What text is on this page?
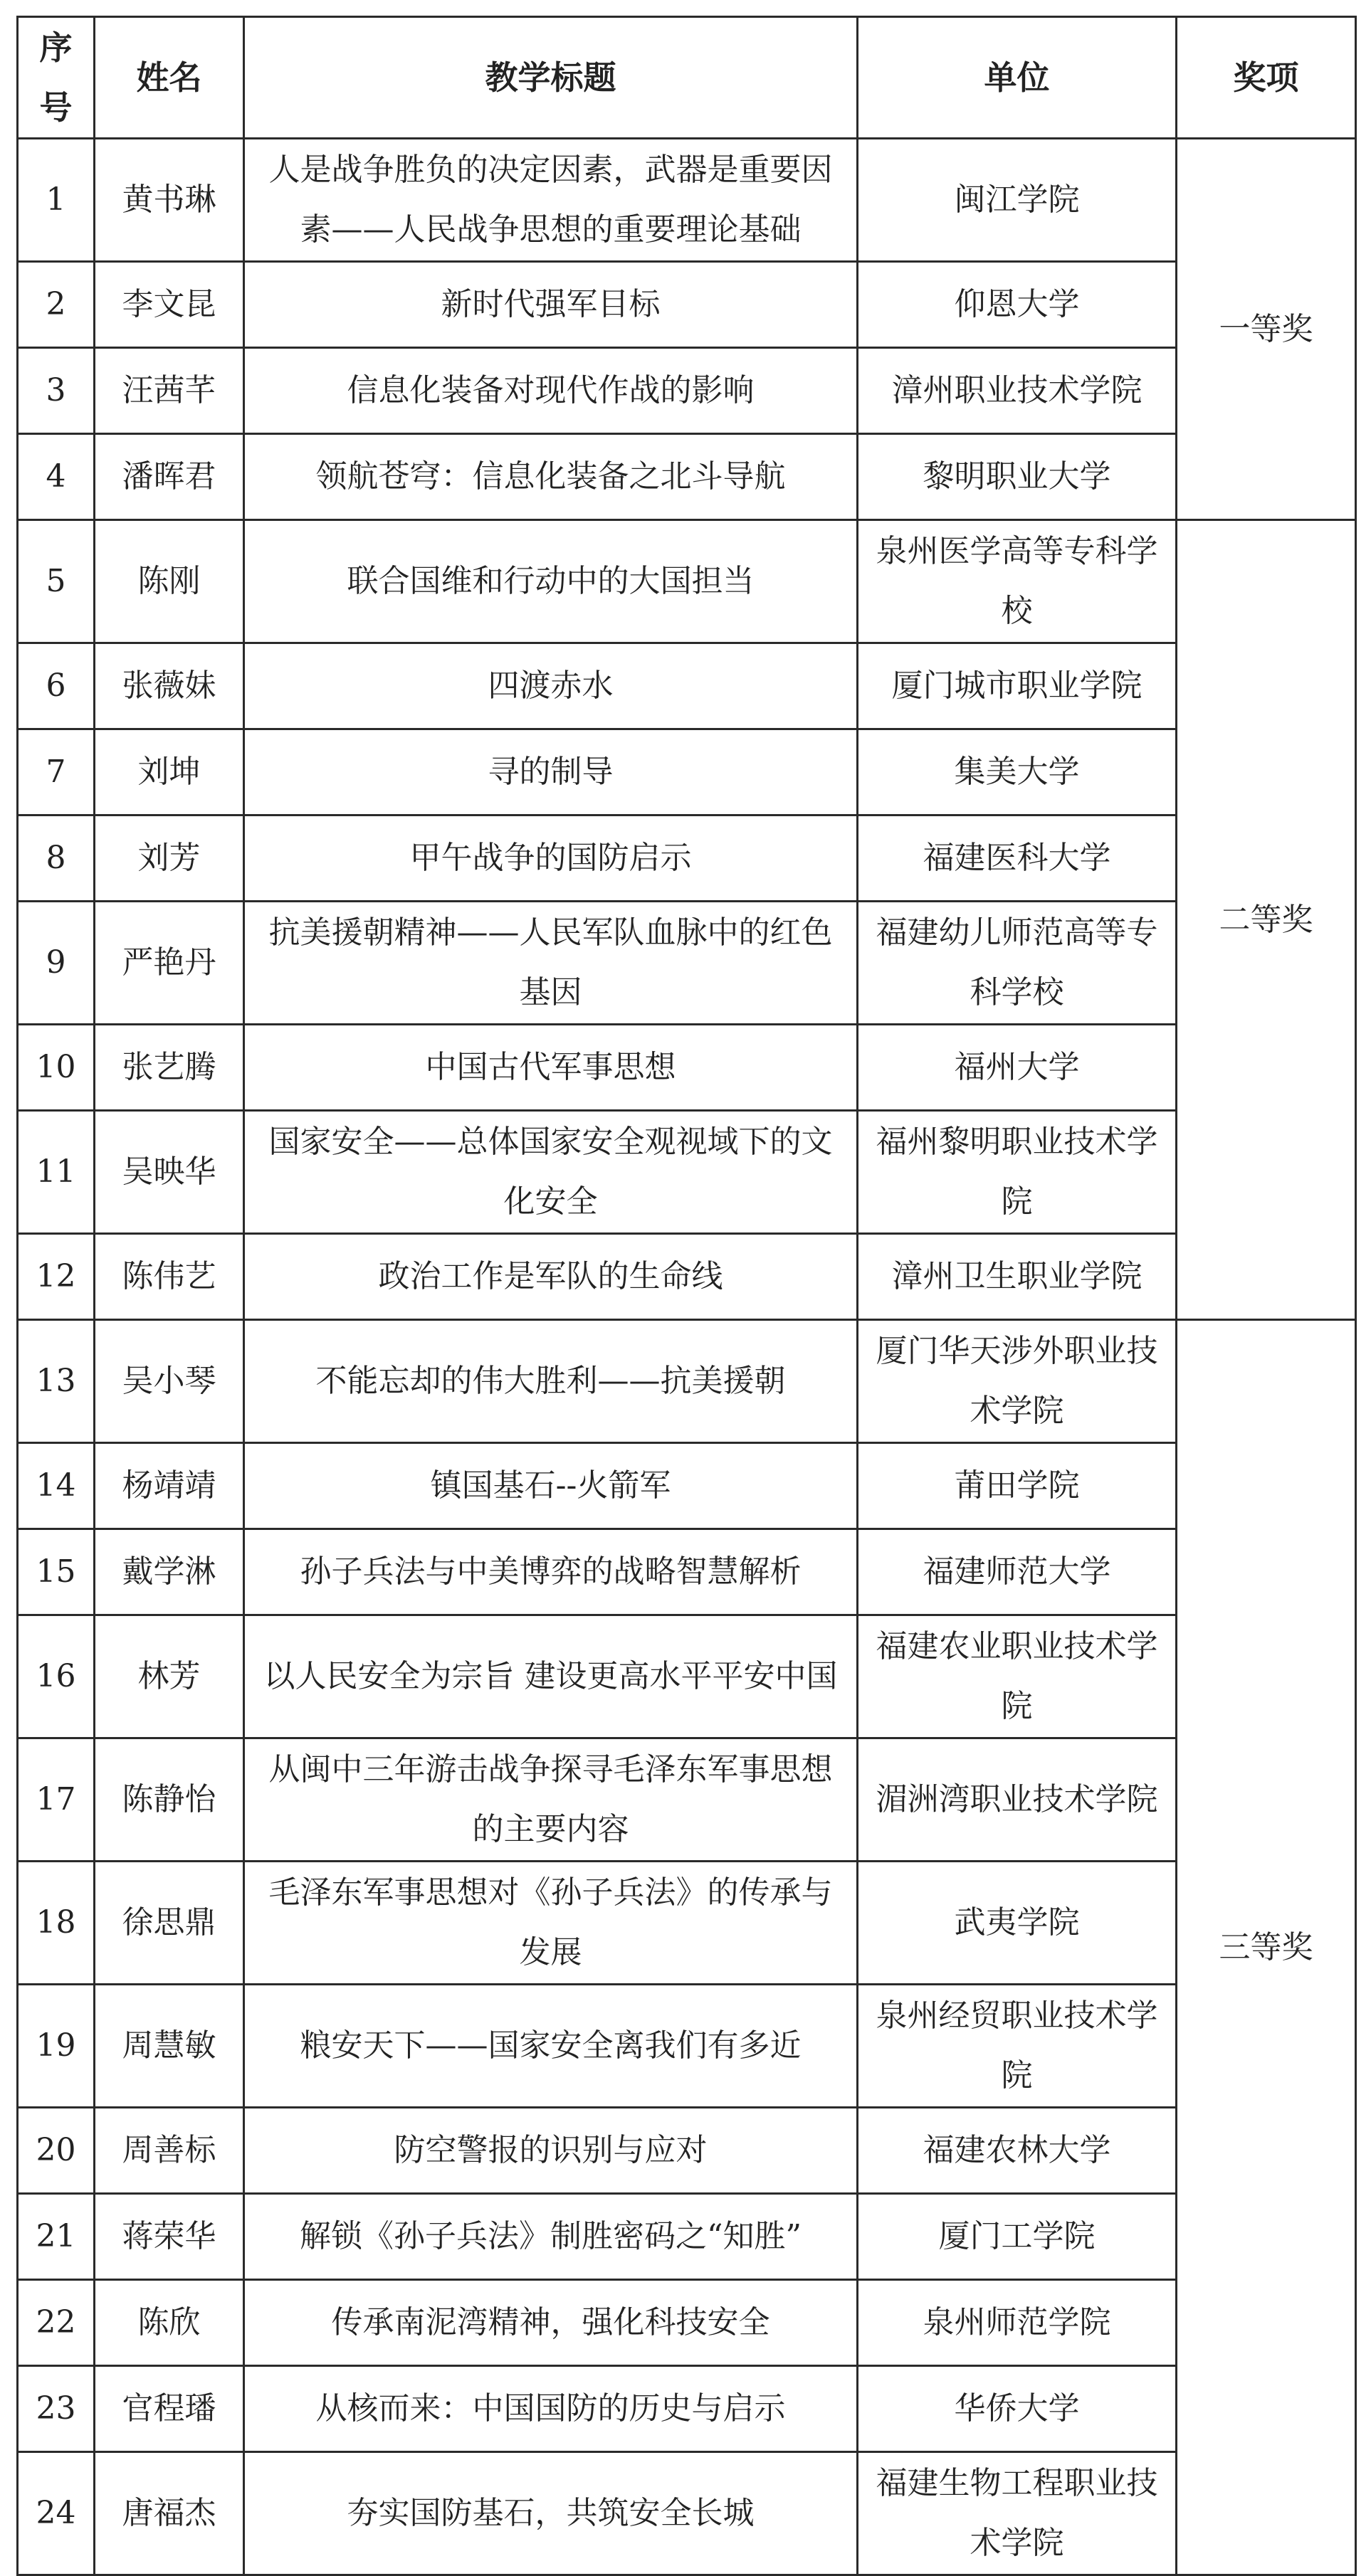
序号	姓名	教学标题	单位	奖项
1	黄书琳	人是战争胜负的决定因素，武器是重要因素——人民战争思想的重要理论基础	闽江学院	一等奖
2	李文昆	新时代强军目标	仰恩大学	
3	汪茜芊	信息化装备对现代作战的影响	漳州职业技术学院	
4	潘晖君	领航苍穹：信息化装备之北斗导航	黎明职业大学	
5	陈刚	联合国维和行动中的大国担当	泉州医学高等专科学校	二等奖
6	张薇妹	四渡赤水	厦门城市职业学院	
7	刘坤	寻的制导	集美大学	
8	刘芳	甲午战争的国防启示	福建医科大学	
9	严艳丹	抗美援朝精神——人民军队血脉中的红色基因	福建幼儿师范高等专科学校	
10	张艺腾	中国古代军事思想	福州大学	
11	吴映华	国家安全——总体国家安全观视域下的文化安全	福州黎明职业技术学院	
12	陈伟艺	政治工作是军队的生命线	漳州卫生职业学院	
13	吴小琴	不能忘却的伟大胜利——抗美援朝	厦门华天涉外职业技术学院	三等奖
14	杨靖靖	镇国基石--火箭军	莆田学院	
15	戴学淋	孙子兵法与中美博弈的战略智慧解析	福建师范大学	
16	林芳	以人民安全为宗旨 建设更高水平平安中国	福建农业职业技术学院	
17	陈静怡	从闽中三年游击战争探寻毛泽东军事思想的主要内容	湄洲湾职业技术学院	
18	徐思鼎	毛泽东军事思想对《孙子兵法》的传承与发展	武夷学院	
19	周慧敏	粮安天下——国家安全离我们有多近	泉州经贸职业技术学院	
20	周善标	防空警报的识别与应对	福建农林大学	
21	蒋荣华	解锁《孙子兵法》制胜密码之“知胜”	厦门工学院	
22	陈欣	传承南泥湾精神，强化科技安全	泉州师范学院	
23	官程璠	从核而来：中国国防的历史与启示	华侨大学	
24	唐福杰	夯实国防基石，共筑安全长城	福建生物工程职业技术学院	
